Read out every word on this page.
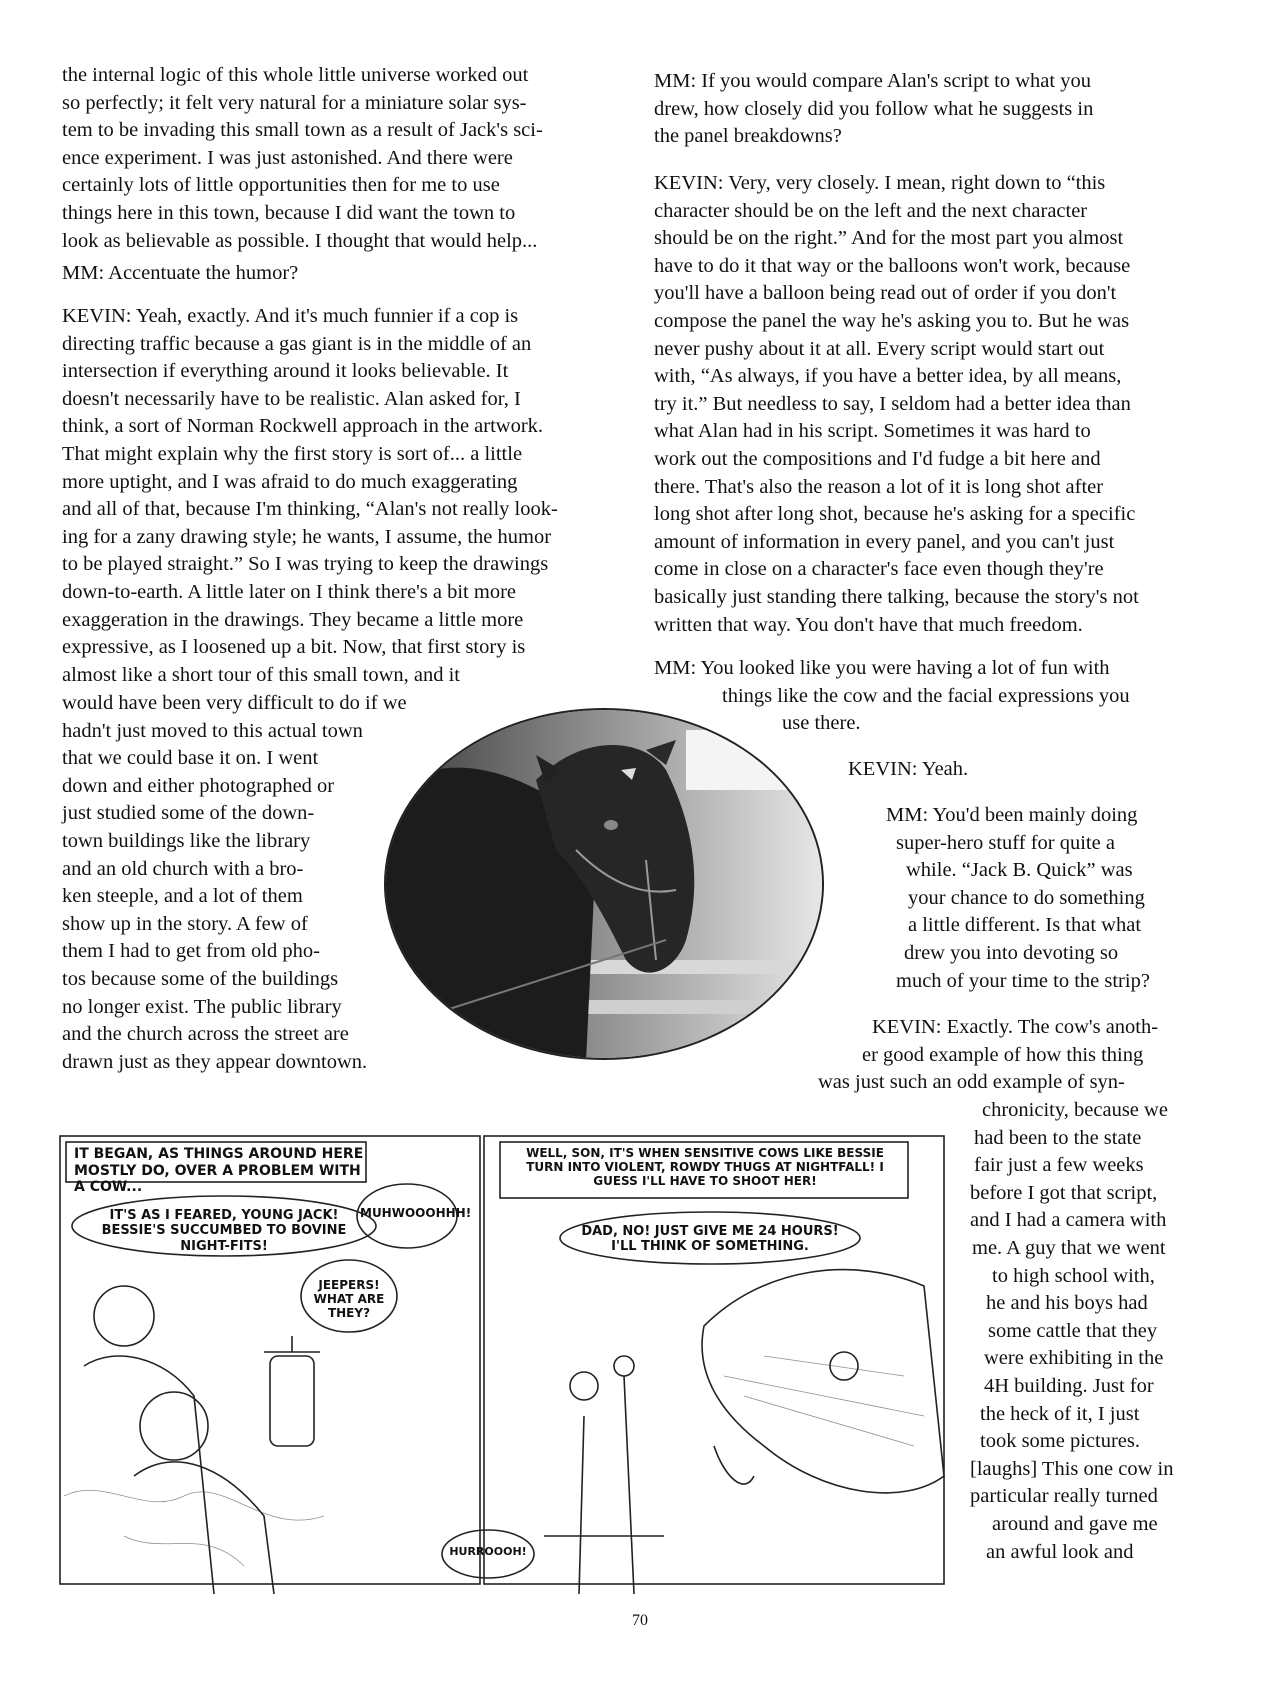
the internal logic of this whole little universe worked out
so perfectly; it felt very natural for a miniature solar sys-
tem to be invading this small town as a result of Jack's sci-
ence experiment. I was just astonished. And there were
certainly lots of little opportunities then for me to use
things here in this town, because I did want the town to
look as believable as possible. I thought that would help...

MM: Accentuate the humor?

KEVIN: Yeah, exactly. And it's much funnier if a cop is
directing traffic because a gas giant is in the middle of an
intersection if everything around it looks believable. It
doesn't necessarily have to be realistic. Alan asked for, I
think, a sort of Norman Rockwell approach in the artwork.
That might explain why the first story is sort of... a little
more uptight, and I was afraid to do much exaggerating
and all of that, because I'm thinking, “Alan's not really look-
ing for a zany drawing style; he wants, I assume, the humor
to be played straight.” So I was trying to keep the drawings
down-to-earth. A little later on I think there's a bit more
exaggeration in the drawings. They became a little more
expressive, as I loosened up a bit. Now, that first story is
almost like a short tour of this small town, and it
would have been very difficult to do if we
hadn't just moved to this actual town
that we could base it on. I went
down and either photographed or
just studied some of the down-
town buildings like the library
and an old church with a bro-
ken steeple, and a lot of them
show up in the story. A few of
them I had to get from old pho-
tos because some of the buildings
no longer exist. The public library
and the church across the street are
drawn just as they appear downtown.
MM: If you would compare Alan's script to what you
drew, how closely did you follow what he suggests in
the panel breakdowns?
KEVIN: Very, very closely. I mean, right down to “this
character should be on the left and the next character
should be on the right.” And for the most part you almost
have to do it that way or the balloons won't work, because
you'll have a balloon being read out of order if you don't
compose the panel the way he's asking you to. But he was
never pushy about it at all. Every script would start out
with, “As always, if you have a better idea, by all means,
try it.” But needless to say, I seldom had a better idea than
what Alan had in his script. Sometimes it was hard to
work out the compositions and I'd fudge a bit here and
there. That's also the reason a lot of it is long shot after
long shot after long shot, because he's asking for a specific
amount of information in every panel, and you can't just
come in close on a character's face even though they're
basically just standing there talking, because the story's not
written that way. You don't have that much freedom.
MM: You looked like you were having a lot of fun with
things like the cow and the facial expressions you
use there.

KEVIN: Yeah.

MM: You'd been mainly doing
super-hero stuff for quite a
while. “Jack B. Quick” was
your chance to do something
a little different. Is that what
drew you into devoting so
much of your time to the strip?
KEVIN: Exactly. The cow's anoth-
er good example of how this thing
was just such an odd example of syn-
chronicity, because we
had been to the state
fair just a few weeks
before I got that script,
and I had a camera with
me. A guy that we went
to high school with,
he and his boys had
some cattle that they
were exhibiting in the
4H building. Just for
the heck of it, I just
took some pictures.
[laughs] This one cow in
particular really turned
around and gave me
an awful look and
IT BEGAN, AS THINGS AROUND HERE MOSTLY DO, OVER A PROBLEM WITH A COW...
IT'S AS I FEARED, YOUNG JACK! BESSIE'S SUCCUMBED TO BOVINE NIGHT-FITS!
MUHWOOOHHH!
JEEPERS! WHAT ARE THEY?
WELL, SON, IT'S WHEN SENSITIVE COWS LIKE BESSIE TURN INTO VIOLENT, ROWDY THUGS AT NIGHTFALL! I GUESS I'LL HAVE TO SHOOT HER!
DAD, NO! JUST GIVE ME 24 HOURS! I'LL THINK OF SOMETHING.
HURROOOH!
70
